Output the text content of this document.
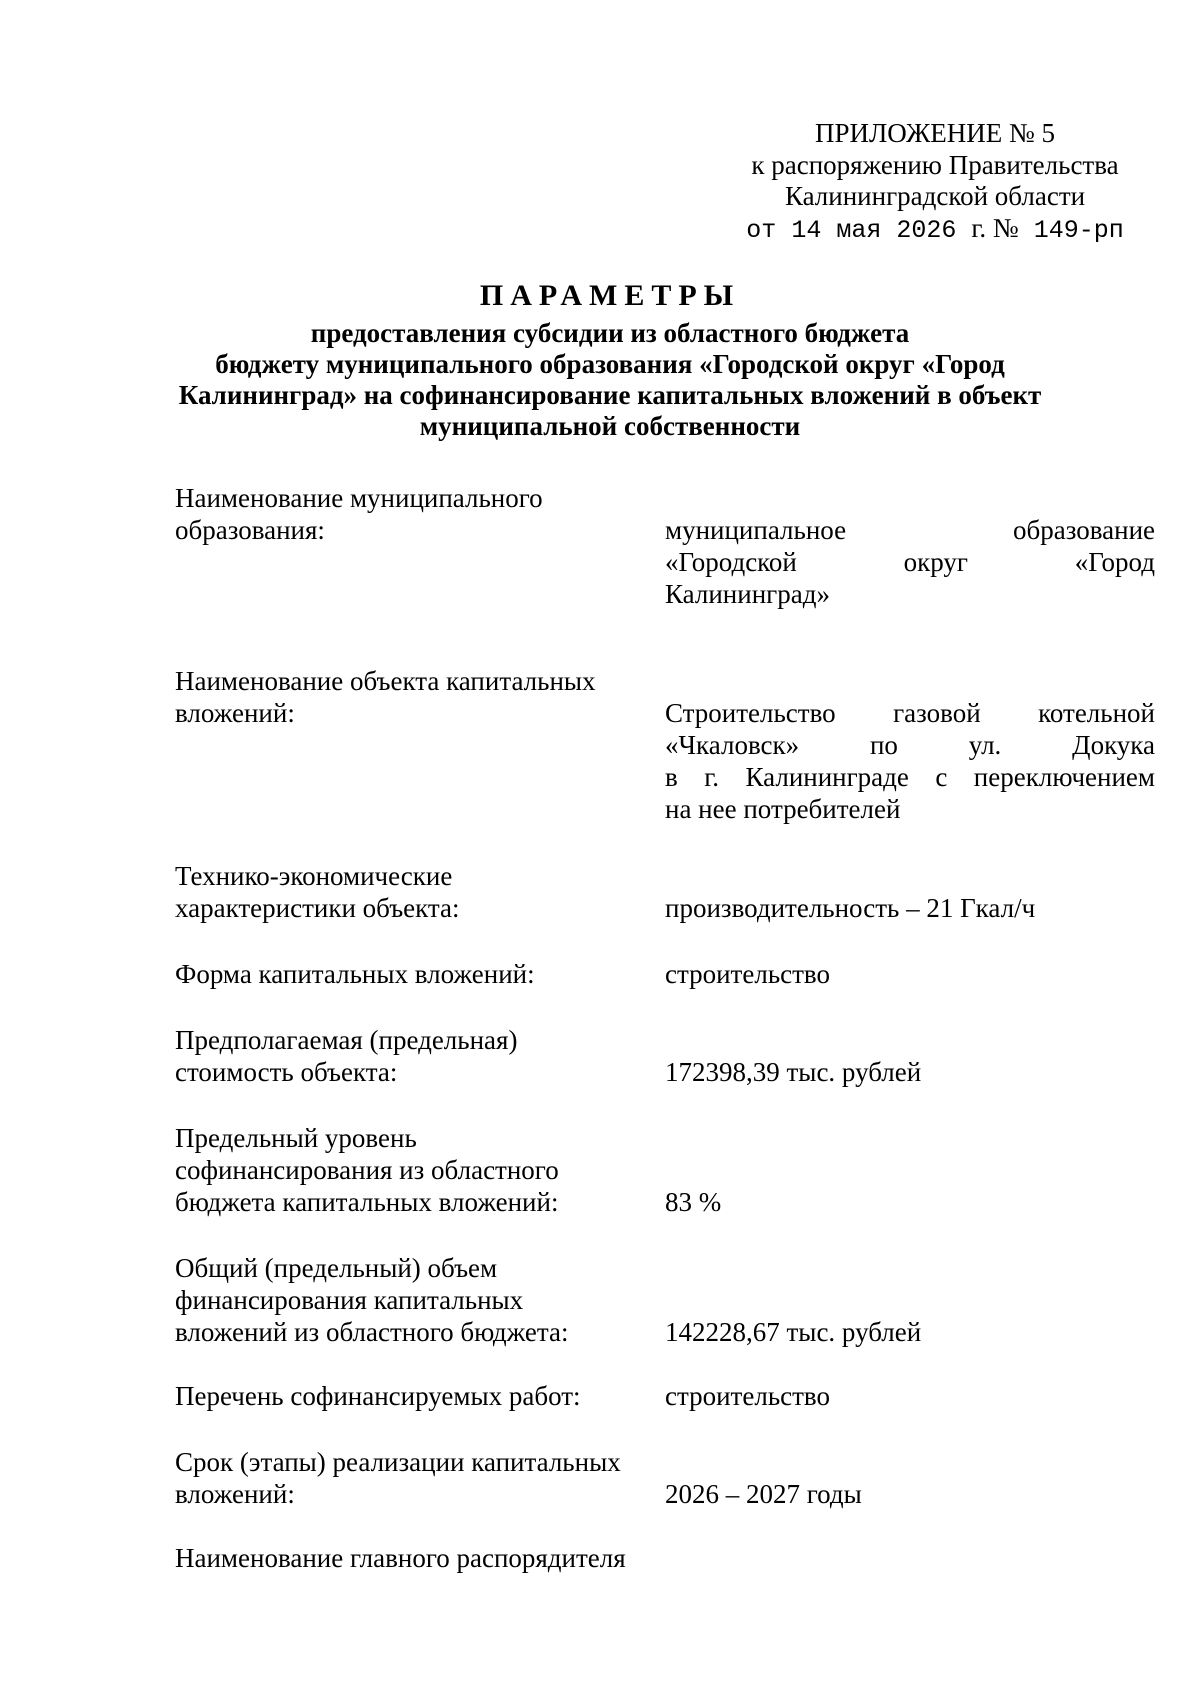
ПРИЛОЖЕНИЕ № 5
к распоряжению Правительства
Калининградской области
от 14 мая 2026 г. № 149-рп
ПАРАМЕТРЫ
предоставления субсидии из областного бюджета
бюджету муниципального образования «Городской округ «Город
Калининград» на софинансирование капитальных вложений в объект
муниципальной собственности
Наименование муниципального
образования:	муниципальное образование
«Городской округ «Город
Калининград»
Наименование объекта капитальных
вложений:	Строительство газовой котельной
«Чкаловск» по ул. Докука
в г. Калининграде с переключением
на нее потребителей
Технико-экономические
характеристики объекта:	производительность – 21 Гкал/ч
Форма капитальных вложений:	строительство
Предполагаемая (предельная)
стоимость объекта:	172398,39 тыс. рублей
Предельный уровень
софинансирования из областного
бюджета капитальных вложений:	83 %
Общий (предельный) объем
финансирования капитальных
вложений из областного бюджета:	142228,67 тыс. рублей
Перечень софинансируемых работ:	строительство
Срок (этапы) реализации капитальных
вложений:	2026 – 2027 годы
Наименование главного распорядителя
